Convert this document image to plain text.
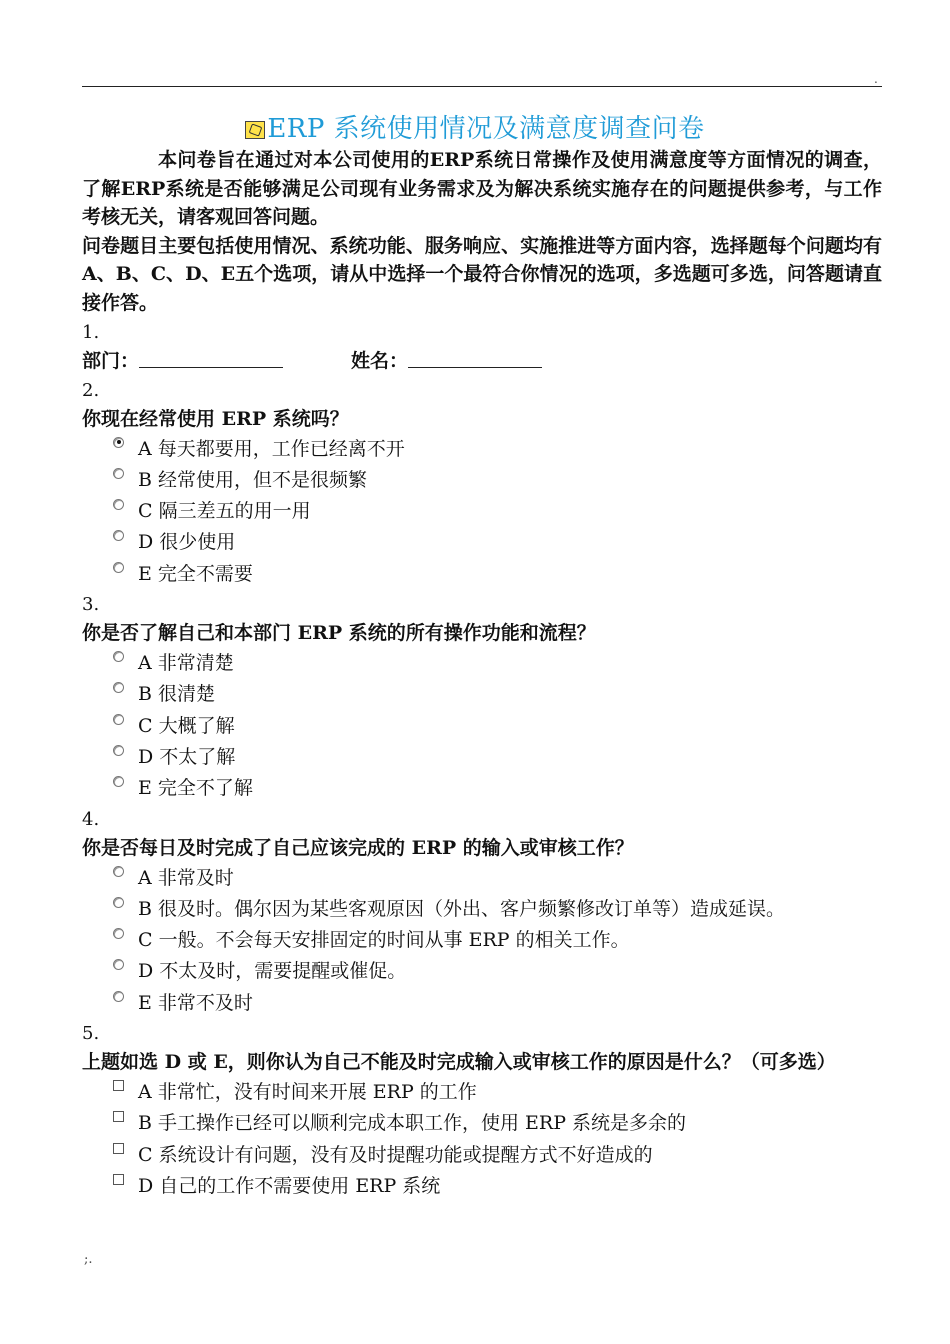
.
ERP 系统使用情况及满意度调查问卷

本问卷旨在通过对本公司使用的ERP系统日常操作及使用满意度等方面情况的调查，了解ERP系统是否能够满足公司现有业务需求及为解决系统实施存在的问题提供参考，与工作考核无关，请客观回答问题。

问卷题目主要包括使用情况、系统功能、服务响应、实施推进等方面内容，选择题每个问题均有A、B、C、D、E五个选项，请从中选择一个最符合你情况的选项，多选题可多选，问答题请直接作答。

1.
部门：	姓名：
2.
你现在经常使用 ERP 系统吗？
A 每天都要用，工作已经离不开
B 经常使用，但不是很频繁
C 隔三差五的用一用
D 很少使用
E 完全不需要
3.
你是否了解自己和本部门 ERP 系统的所有操作功能和流程？
A 非常清楚
B 很清楚
C 大概了解
D 不太了解
E 完全不了解
4.
你是否每日及时完成了自己应该完成的 ERP 的输入或审核工作？
A 非常及时
B 很及时。偶尔因为某些客观原因（外出、客户频繁修改订单等）造成延误。
C 一般。不会每天安排固定的时间从事 ERP 的相关工作。
D 不太及时，需要提醒或催促。
E 非常不及时
5.
上题如选 D 或 E，则你认为自己不能及时完成输入或审核工作的原因是什么？（可多选）
A 非常忙，没有时间来开展 ERP 的工作
B 手工操作已经可以顺利完成本职工作，使用 ERP 系统是多余的
C 系统设计有问题，没有及时提醒功能或提醒方式不好造成的
D 自己的工作不需要使用 ERP 系统
;.
